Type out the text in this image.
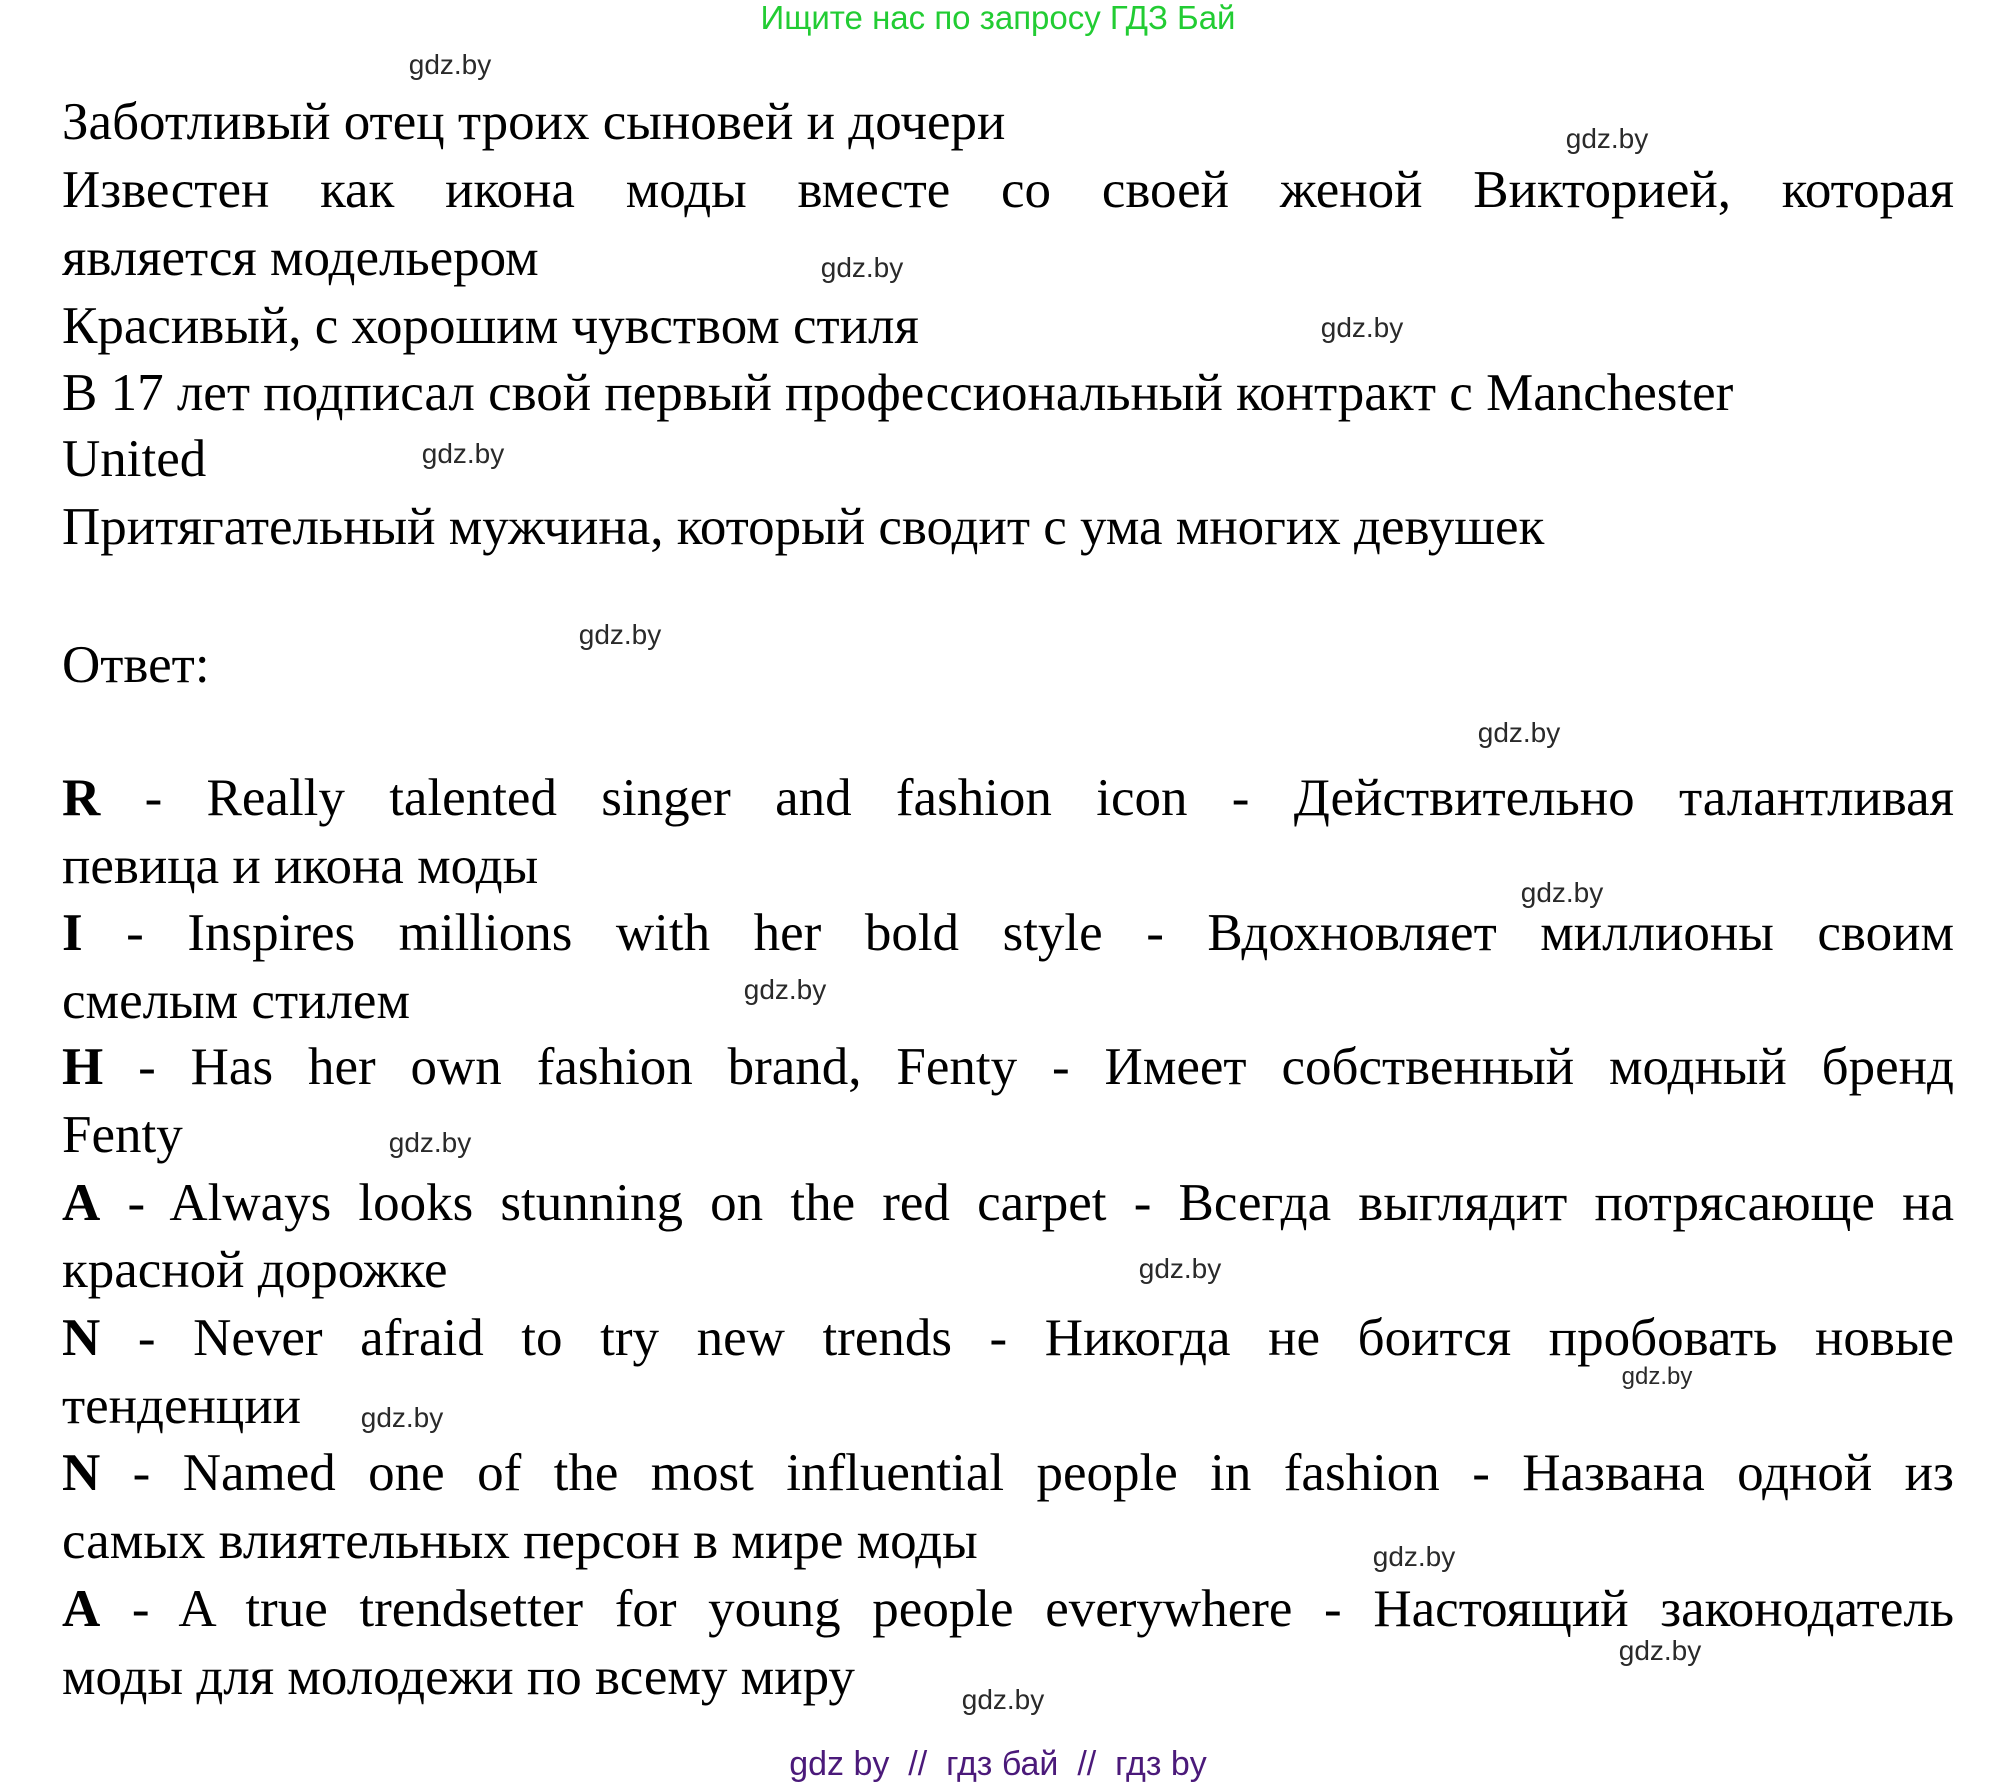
Ищите нас по запросу ГДЗ Бай
Заботливый отец троих сыновей и дочери
Известен как икона моды вместе со своей женой Викторией, которая
является модельером
Красивый, с хорошим чувством стиля
В 17 лет подписал свой первый профессиональный контракт с Manchester
United
Притягательный мужчина, который сводит с ума многих девушек
Ответ:
R - Really talented singer and fashion icon - Действительно талантливая
певица и икона моды
I - Inspires millions with her bold style - Вдохновляет миллионы своим
смелым стилем
H - Has her own fashion brand, Fenty - Имеет собственный модный бренд
Fenty
A - Always looks stunning on the red carpet - Всегда выглядит потрясающе на
красной дорожке
N - Never afraid to try new trends - Никогда не боится пробовать новые
тенденции
N - Named one of the most influential people in fashion - Названа одной из
самых влиятельных персон в мире моды
A - A true trendsetter for young people everywhere - Настоящий законодатель
моды для молодежи по всему миру
gdz.by
gdz.by
gdz.by
gdz.by
gdz.by
gdz.by
gdz.by
gdz.by
gdz.by
gdz.by
gdz.by
gdz.by
gdz.by
gdz.by
gdz.by
gdz.by
gdz by  //  гдз бай  //  гдз by
